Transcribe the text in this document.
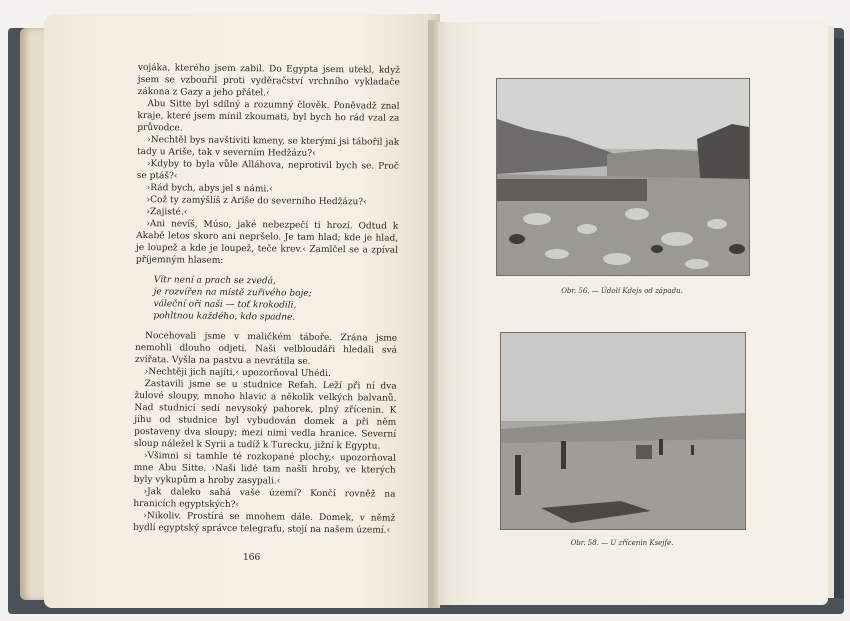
vojáka, kterého jsem zabil. Do Egypta jsem utekl, když jsem se vzbouřil proti vyděračství vrchního vykladače zákona z Gazy a jeho přátel.‹

Abu Sitte byl sdílný a rozumný člověk. Poněvadž znal kraje, které jsem mínil zkoumati, byl bych ho rád vzal za průvodce.

›Nechtěl bys navštíviti kmeny, se kterými jsi tábořil jak tady u Ariše, tak v severním Hedžázu?‹

›Kdyby to byla vůle Alláhova, neprotivil bych se. Proč se ptáš?‹

›Rád bych, abys jel s námi.‹

›Což ty zamýšlíš z Ariše do severního Hedžázu?‹

›Zajisté.‹

›Ani nevíš, Múso, jaké nebezpečí ti hrozí. Odtud k Akabě letos skoro ani nepršelo. Je tam hlad; kde je hlad, je loupež a kde je loupež, teče krev.‹ Zamlčel se a zpíval příjemným hlasem:

Vítr není a prach se zvedá,
je rozvířen na místě zuřivého boje;
váleční oři naši — toť krokodili,
pohltnou každého, kdo spadne.

Nocehovali jsme v maličkém táboře. Zrána jsme nemohli dlouho odjeti. Naši velbloudáři hledali svá zvířata. Vyšla na pastvu a nevrátila se.

›Nechtěji jich najíti,‹ upozorňoval Uhédi.

Zastavili jsme se u studnice Refah. Leží při ní dva žulové sloupy, mnoho hlavic a několik velkých balvanů. Nad studnicí sedí nevysoký pahorek, plný zřícenin. K jihu od studnice byl vybudován domek a při něm postaveny dva sloupy; mezi nimi vedla hranice. Severní sloup náležel k Syrii a tudíž k Turecku, jižní k Egyptu.

›Všimni si tamhle té rozkopané plochy,‹ upozorňoval mne Abu Sitte. ›Naši lidé tam našli hroby, ve kterých byly vykupům a hroby zasypali.‹

›Jak daleko sahá vaše území? Končí rovněž na hranicích egyptských?‹

›Nikoliv. Prostírá se mnohem dále. Domek, v němž bydlí egyptský správce telegrafu, stojí na našem území.‹

166
Obr. 56. — Údolí Kdejs od západu.
Obr. 58. — U zřícenin Ksejfe.
